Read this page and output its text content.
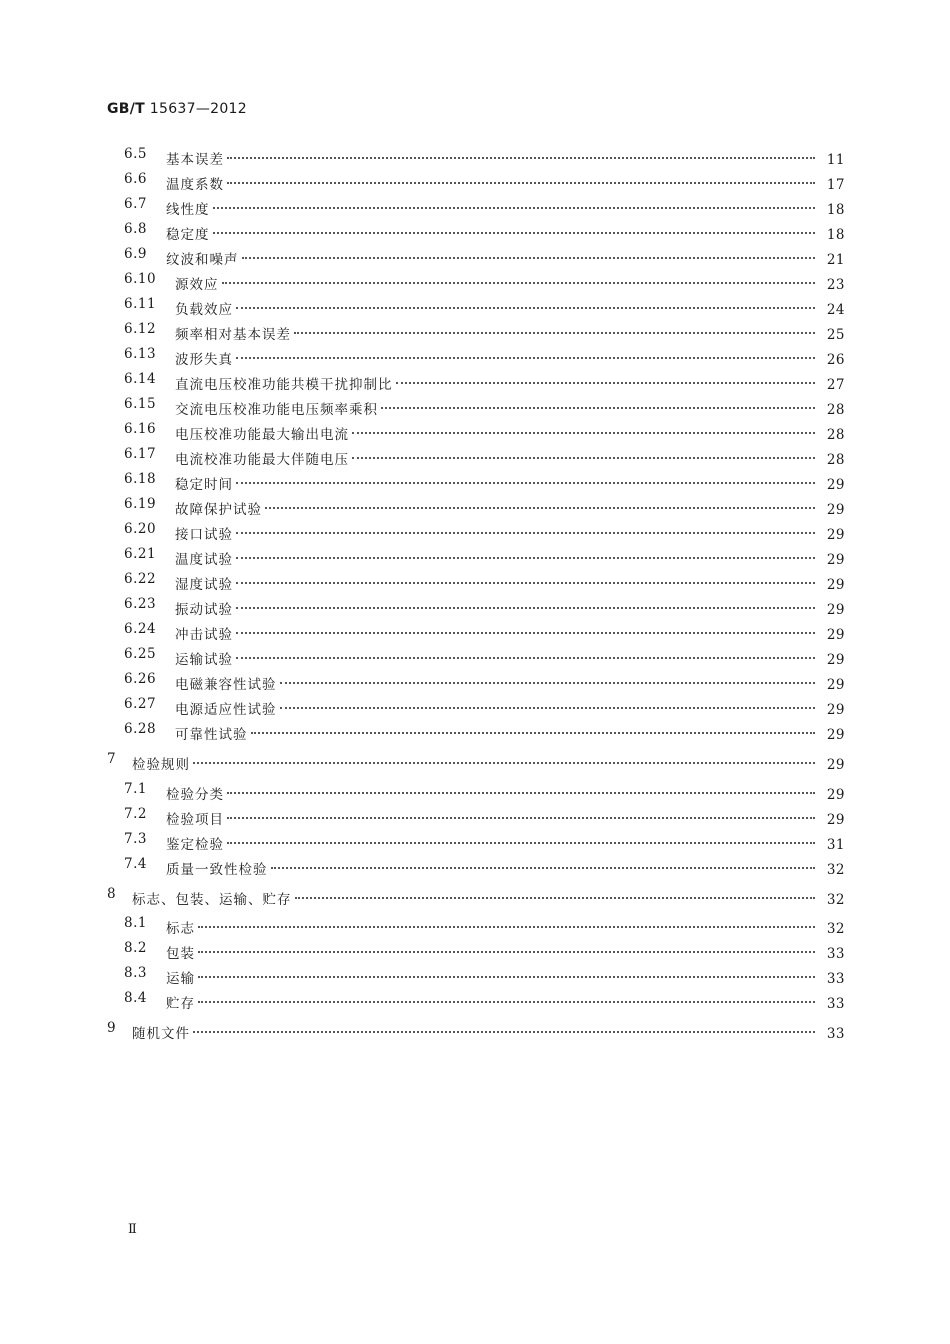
GB/T 15637—2012
6.5 基本误差	11
6.6 温度系数	17
6.7 线性度	18
6.8 稳定度	18
6.9 纹波和噪声	21
6.10 源效应	23
6.11 负载效应	24
6.12 频率相对基本误差	25
6.13 波形失真	26
6.14 直流电压校准功能共模干扰抑制比	27
6.15 交流电压校准功能电压频率乘积	28
6.16 电压校准功能最大输出电流	28
6.17 电流校准功能最大伴随电压	28
6.18 稳定时间	29
6.19 故障保护试验	29
6.20 接口试验	29
6.21 温度试验	29
6.22 湿度试验	29
6.23 振动试验	29
6.24 冲击试验	29
6.25 运输试验	29
6.26 电磁兼容性试验	29
6.27 电源适应性试验	29
6.28 可靠性试验	29
7 检验规则	29
7.1 检验分类	29
7.2 检验项目	29
7.3 鉴定检验	31
7.4 质量一致性检验	32
8 标志、包装、运输、贮存	32
8.1 标志	32
8.2 包装	33
8.3 运输	33
8.4 贮存	33
9 随机文件	33
Ⅱ
